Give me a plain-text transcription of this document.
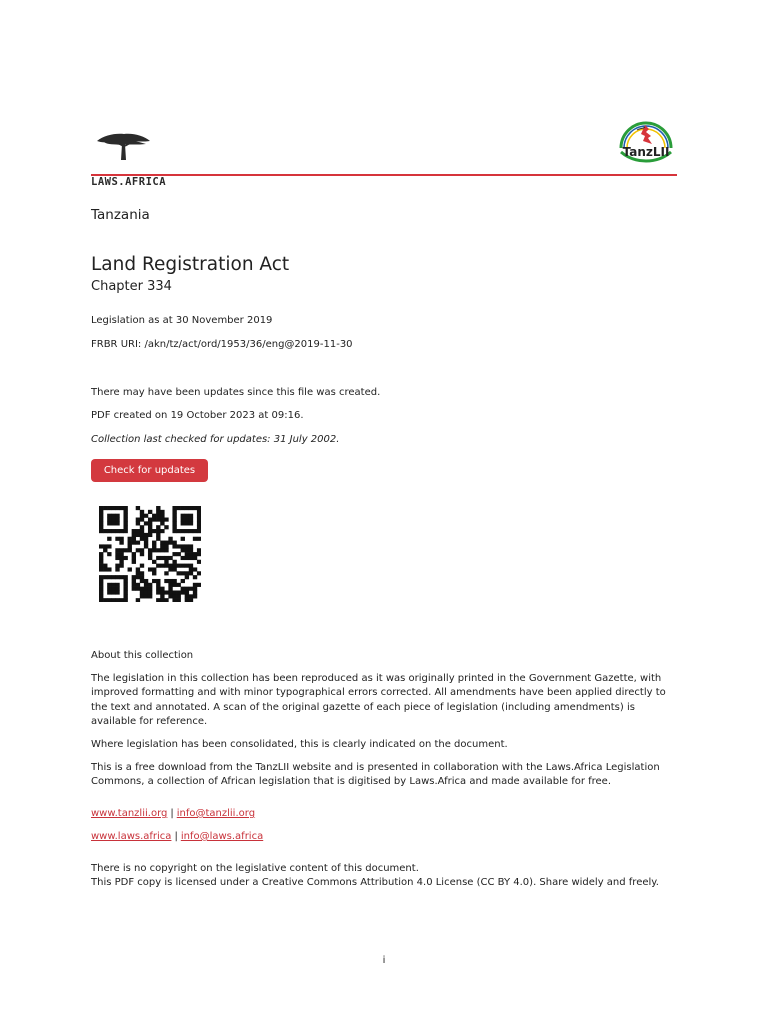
LAWS.AFRICA
TanzLII
Tanzania
Land Registration Act
Chapter 334
Legislation as at 30 November 2019
FRBR URI: /akn/tz/act/ord/1953/36/eng@2019-11-30
There may have been updates since this file was created.
PDF created on 19 October 2023 at 09:16.
Collection last checked for updates: 31 July 2002.
Check for updates
About this collection

The legislation in this collection has been reproduced as it was originally printed in the Government Gazette, with improved formatting and with minor typographical errors corrected. All amendments have been applied directly to the text and annotated. A scan of the original gazette of each piece of legislation (including amendments) is available for reference.

Where legislation has been consolidated, this is clearly indicated on the document.

This is a free download from the TanzLII website and is presented in collaboration with the Laws.Africa Legislation Commons, a collection of African legislation that is digitised by Laws.Africa and made available for free.

www.tanzlii.org | info@tanzlii.org
www.laws.africa | info@laws.africa
There is no copyright on the legislative content of this document.
This PDF copy is licensed under a Creative Commons Attribution 4.0 License (CC BY 4.0). Share widely and freely.
i
